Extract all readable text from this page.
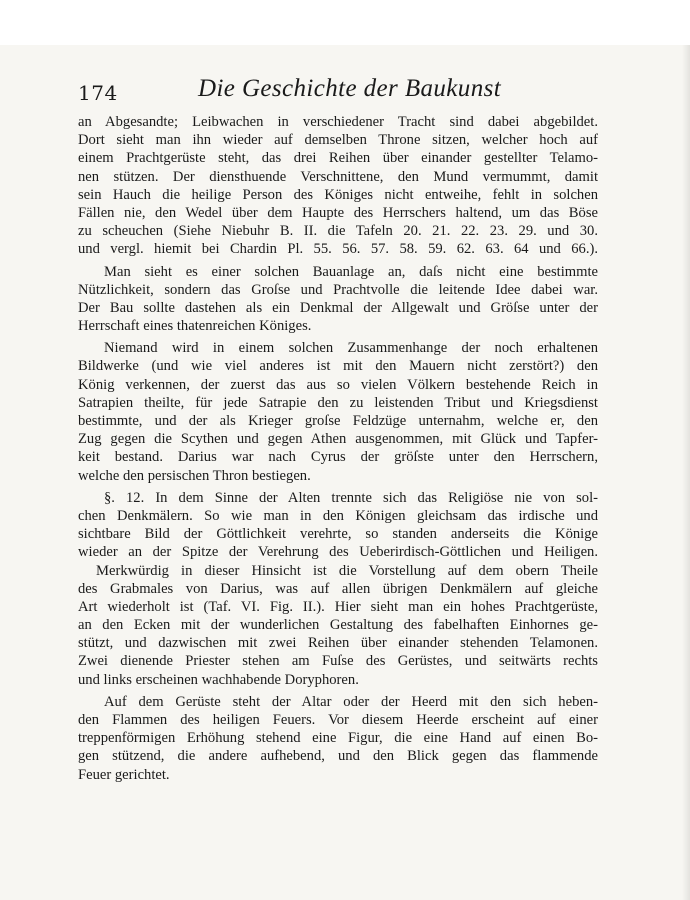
174	Die Geschichte der Baukunst
an Abgesandte; Leibwachen in verschiedener Tracht sind dabei abgebildet.
Dort sieht man ihn wieder auf demselben Throne sitzen, welcher hoch auf
einem Prachtgerüste steht, das drei Reihen über einander gestellter Telamo-
nen stützen. Der diensthuende Verschnittene, den Mund vermummt, damit
sein Hauch die heilige Person des Königes nicht entweihe, fehlt in solchen
Fällen nie, den Wedel über dem Haupte des Herrschers haltend, um das Böse
zu scheuchen (Siehe Niebuhr B. II. die Tafeln 20. 21. 22. 23. 29. und 30.
und vergl. hiemit bei Chardin Pl. 55. 56. 57. 58. 59. 62. 63. 64 und 66.).
Man sieht es einer solchen Bauanlage an, daſs nicht eine bestimmte
Nützlichkeit, sondern das Groſse und Prachtvolle die leitende Idee dabei war.
Der Bau sollte dastehen als ein Denkmal der Allgewalt und Gröſse unter der
Herrschaft eines thatenreichen Königes.
Niemand wird in einem solchen Zusammenhange der noch erhaltenen
Bildwerke (und wie viel anderes ist mit den Mauern nicht zerstört?) den
König verkennen, der zuerst das aus so vielen Völkern bestehende Reich in
Satrapien theilte, für jede Satrapie den zu leistenden Tribut und Kriegsdienst
bestimmte, und der als Krieger groſse Feldzüge unternahm, welche er, den
Zug gegen die Scythen und gegen Athen ausgenommen, mit Glück und Tapfer-
keit bestand. Darius war nach Cyrus der gröſste unter den Herrschern,
welche den persischen Thron bestiegen.
§. 12. In dem Sinne der Alten trennte sich das Religiöse nie von sol-
chen Denkmälern. So wie man in den Königen gleichsam das irdische und
sichtbare Bild der Göttlichkeit verehrte, so standen anderseits die Könige
wieder an der Spitze der Verehrung des Ueberirdisch-Göttlichen und Heiligen.
Merkwürdig in dieser Hinsicht ist die Vorstellung auf dem obern Theile
des Grabmales von Darius, was auf allen übrigen Denkmälern auf gleiche
Art wiederholt ist (Taf. VI. Fig. II.). Hier sieht man ein hohes Prachtgerüste,
an den Ecken mit der wunderlichen Gestaltung des fabelhaften Einhornes ge-
stützt, und dazwischen mit zwei Reihen über einander stehenden Telamonen.
Zwei dienende Priester stehen am Fuſse des Gerüstes, und seitwärts rechts
und links erscheinen wachhabende Doryphoren.
Auf dem Gerüste steht der Altar oder der Heerd mit den sich heben-
den Flammen des heiligen Feuers. Vor diesem Heerde erscheint auf einer
treppenförmigen Erhöhung stehend eine Figur, die eine Hand auf einen Bo-
gen stützend, die andere aufhebend, und den Blick gegen das flammende
Feuer gerichtet.
